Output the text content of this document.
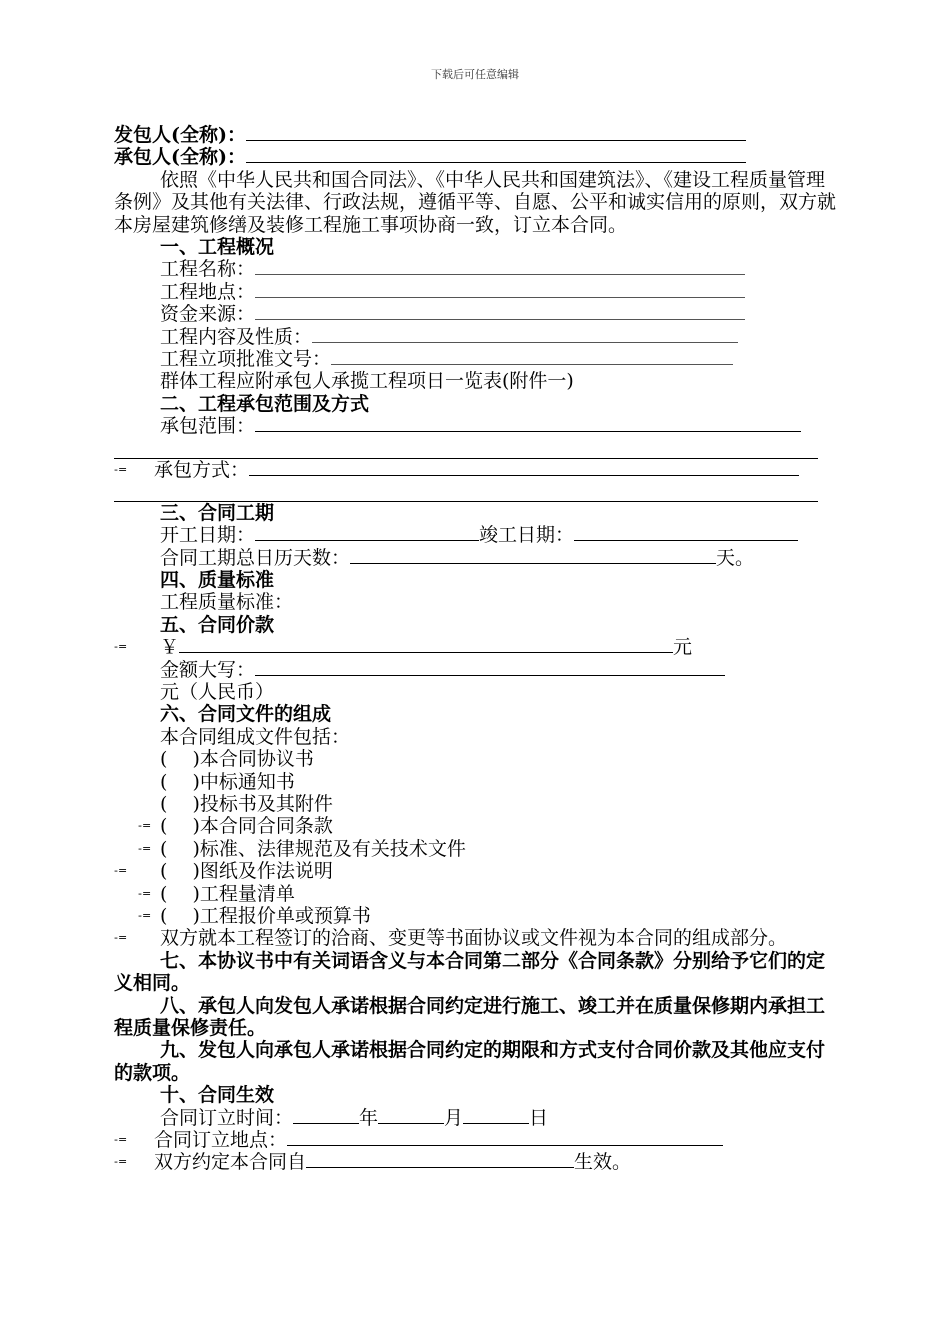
下载后可任意编辑
发包人(全称)：
承包人(全称)：
依照《中华人民共和国合同法》、《中华人民共和国建筑法》、《建设工程质量管理条例》及其他有关法律、行政法规，遵循平等、自愿、公平和诚实信用的原则，双方就本房屋建筑修缮及装修工程施工事项协商一致，订立本合同。
一、工程概况
工程名称：
工程地点：
资金来源：
工程内容及性质：
工程立项批准文号：
群体工程应附承包人承揽工程项日一览表(附件一)
二、工程承包范围及方式
承包范围：
-= 承包方式：
三、合同工期
开工日期：	竣工日期：
合同工期总日历天数：	天。
四、质量标准
工程质量标准：
五、合同价款
-= ￥	元
金额大写：元（人民币）
六、合同文件的组成
本合同组成文件包括：
(　 )本合同协议书
(　 )中标通知书
(　 )投标书及其附件
-= (　 )本合同合同条款
-= (　 )标准、法律规范及有关技术文件
-= (　 )图纸及作法说明
-= (　 )工程量清单
-= (　 )工程报价单或预算书
-= 双方就本工程签订的洽商、变更等书面协议或文件视为本合同的组成部分。
七、本协议书中有关词语含义与本合同第二部分《合同条款》分别给予它们的定义相同。
八、承包人向发包人承诺根据合同约定进行施工、竣工并在质量保修期内承担工程质量保修责任。
九、发包人向承包人承诺根据合同约定的期限和方式支付合同价款及其他应支付的款项。
十、合同生效
合同订立时间：	年	月	日
-= 合同订立地点：
-= 双方约定本合同自	生效。
